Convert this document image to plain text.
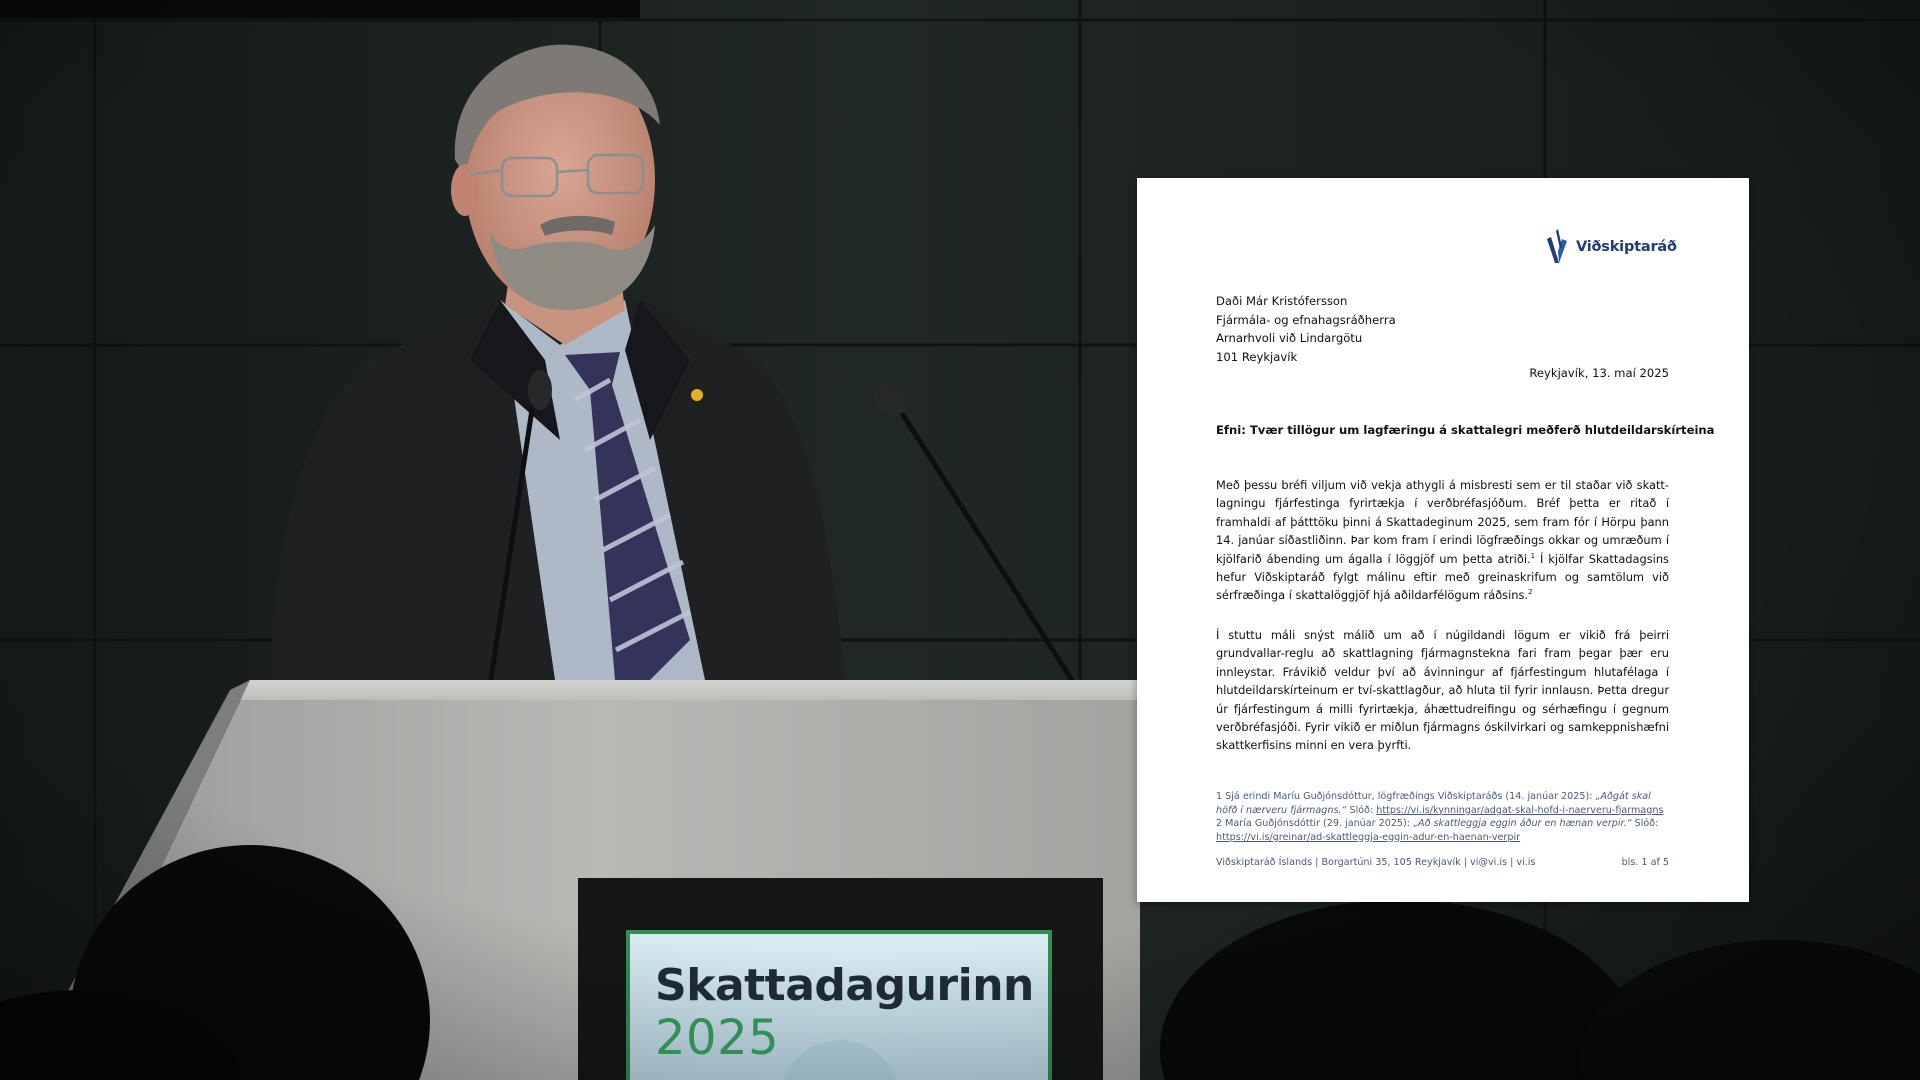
Skattadagurinn
2025
Viðskiptaráð
Daði Már Kristófersson
Fjármála- og efnahagsráðherra
Arnarhvoli við Lindargötu
101 Reykjavík
Reykjavík, 13. maí 2025
Efni: Tvær tillögur um lagfæringu á skattalegri meðferð hlutdeildarskírteina

Með þessu bréfi viljum við vekja athygli á misbresti sem er til staðar við skatt-lagningu fjárfestinga fyrirtækja í verðbréfasjóðum. Bréf þetta er ritað í framhaldi af þátttöku þinni á Skattadeginum 2025, sem fram fór í Hörpu þann 14. janúar síðastliðinn. Þar kom fram í erindi lögfræðings okkar og umræðum í kjölfarið ábending um ágalla í löggjöf um þetta atriði.$^1$ Í kjölfar Skattadagsins hefur Viðskiptaráð fylgt málinu eftir með greinaskrifum og samtölum við sérfræðinga í skattalöggjöf hjá aðildarfélögum ráðsins.$^2$

Í stuttu máli snýst málið um að í núgildandi lögum er vikið frá þeirri grundvallar-reglu að skattlagning fjármagnstekna fari fram þegar þær eru innleystar. Frávikið veldur því að ávinningur af fjárfestingum hlutafélaga í hlutdeildarskírteinum er tví-skattlagður, að hluta til fyrir innlausn. Þetta dregur úr fjárfestingum á milli fyrirtækja, áhættudreifingu og sérhæfingu í gegnum verðbréfasjóði. Fyrir vikið er miðlun fjármagns óskilvirkari og samkeppnishæfni skattkerfisins minni en vera þyrfti.

1 Sjá erindi Maríu Guðjónsdóttur, lögfræðings Viðskiptaráðs (14. janúar 2025): „Aðgát skal höfð í nærveru fjármagns.“ Slóð: https://vi.is/kynningar/adgat-skal-hofd-i-naerveru-fjarmagns
2 María Guðjónsdóttir (29. janúar 2025): „Að skattleggja eggin áður en hænan verpir.“ Slóð: https://vi.is/greinar/ad-skattleggja-eggin-adur-en-haenan-verpir
Viðskiptaráð Íslands | Borgartúni 35, 105 Reykjavík | vi@vi.is | vi.is	bls. 1 af 5
